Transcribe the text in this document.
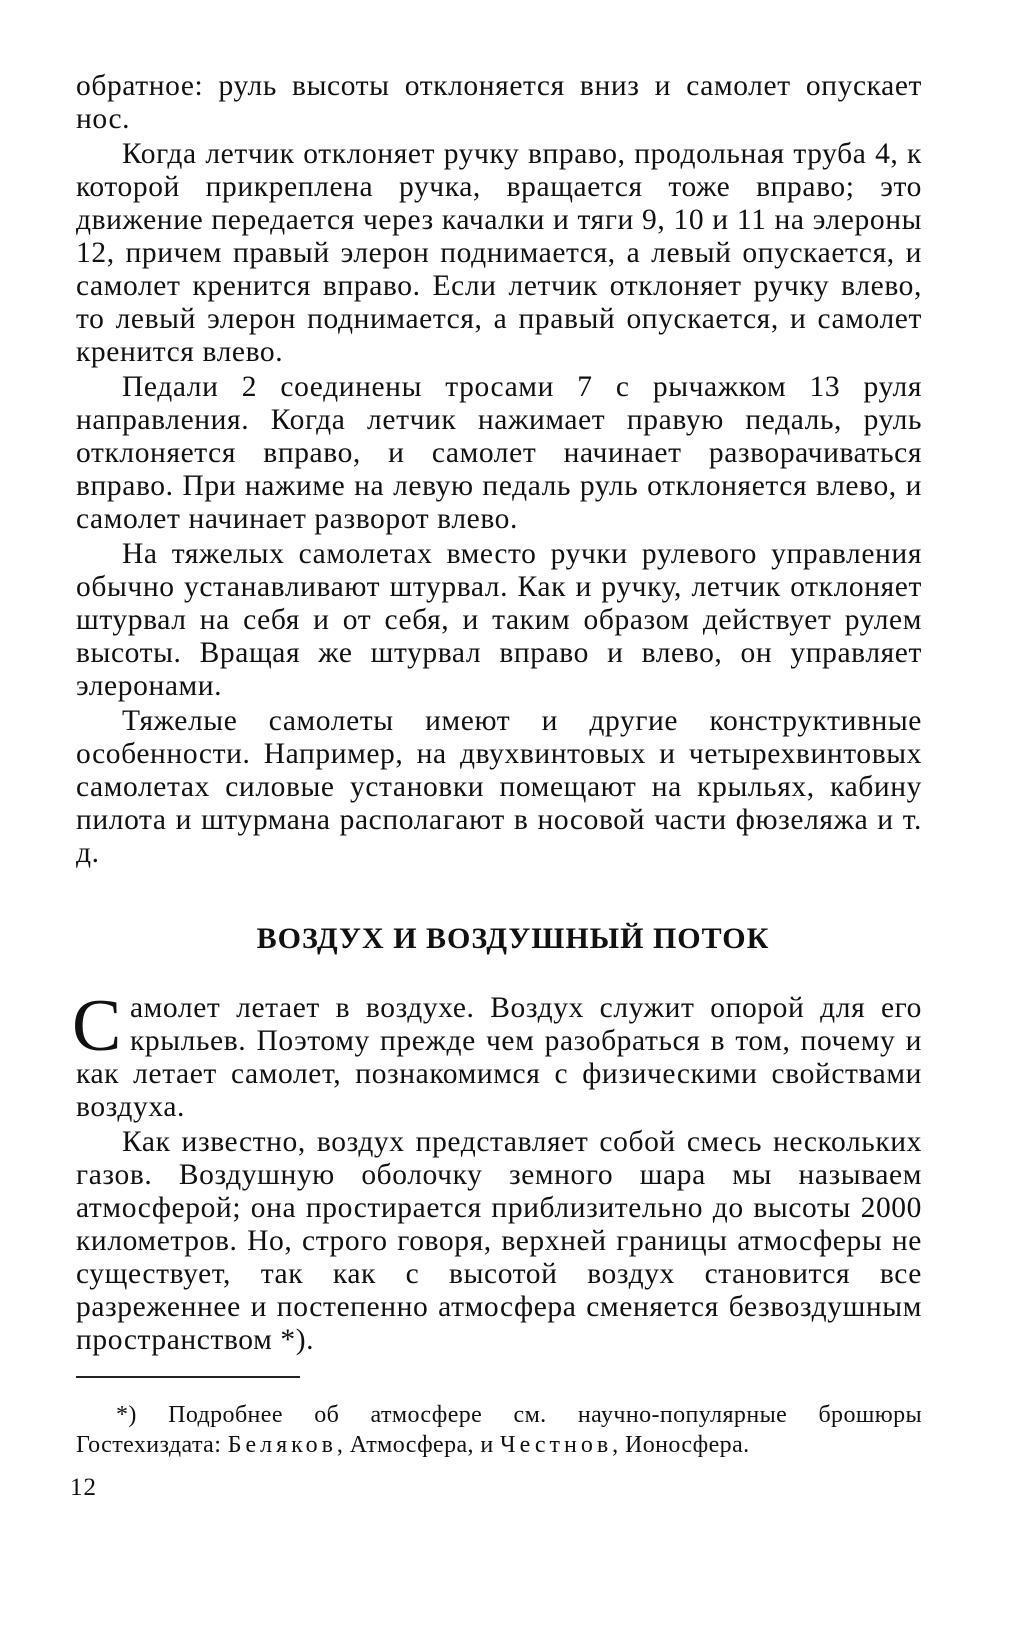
обратное: руль высоты отклоняется вниз и самолет опускает нос.

Когда летчик отклоняет ручку вправо, продольная труба 4, к которой прикреплена ручка, вращается тоже вправо; это движение передается через качалки и тяги 9, 10 и 11 на элероны 12, причем правый элерон поднимается, а левый опускается, и самолет кренится вправо. Если летчик отклоняет ручку влево, то левый элерон поднимается, а правый опускается, и самолет кренится влево.

Педали 2 соединены тросами 7 с рычажком 13 руля направления. Когда летчик нажимает правую педаль, руль отклоняется вправо, и самолет начинает разворачиваться вправо. При нажиме на левую педаль руль отклоняется влево, и самолет начинает разворот влево.

На тяжелых самолетах вместо ручки рулевого управления обычно устанавливают штурвал. Как и ручку, летчик отклоняет штурвал на себя и от себя, и таким образом действует рулем высоты. Вращая же штурвал вправо и влево, он управляет элеронами.

Тяжелые самолеты имеют и другие конструктивные особенности. Например, на двухвинтовых и четырехвинтовых самолетах силовые установки помещают на крыльях, кабину пилота и штурмана располагают в носовой части фюзеляжа и т. д.

ВОЗДУХ И ВОЗДУШНЫЙ ПОТОК

Самолет летает в воздухе. Воздух служит опорой для его крыльев. Поэтому прежде чем разобраться в том, почему и как летает самолет, познакомимся с физическими свойствами воздуха.

Как известно, воздух представляет собой смесь нескольких газов. Воздушную оболочку земного шара мы называем атмосферой; она простирается приблизительно до высоты 2000 километров. Но, строго говоря, верхней границы атмосферы не существует, так как с высотой воздух становится все разреженнее и постепенно атмосфера сменяется безвоздушным пространством *).

*) Подробнее об атмосфере см. научно-популярные брошюры Гостехиздата: Беляков, Атмосфера, и Честнов, Ионосфера.

12
